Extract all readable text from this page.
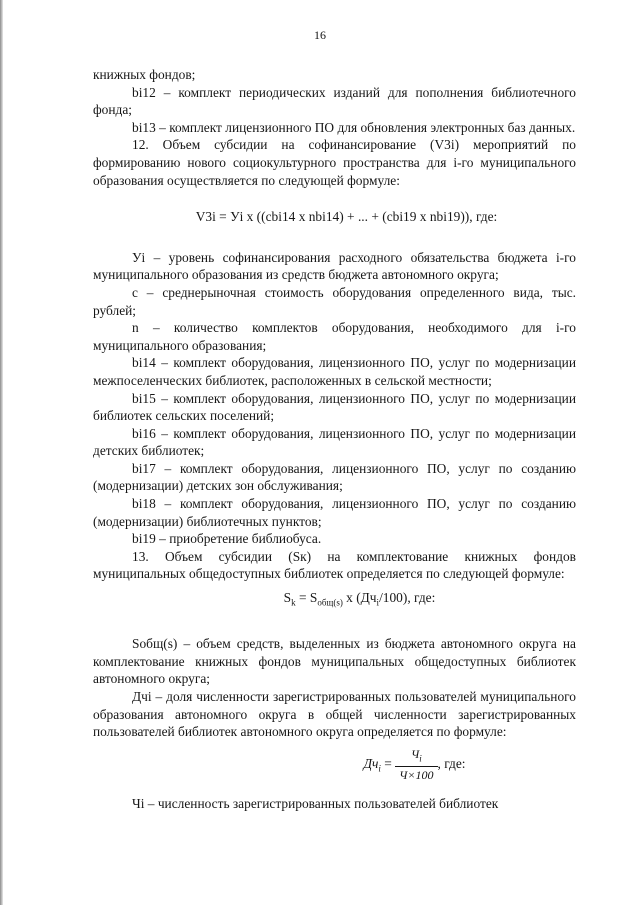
16

книжных фондов;

bi12 – комплект периодических изданий для пополнения библиотечного фонда;

bi13 – комплект лицензионного ПО для обновления электронных баз данных.

12. Объем субсидии на софинансирование (V3i) мероприятий по формированию нового социокультурного пространства для i-го муниципального образования осуществляется по следующей формуле:

V3i = Уi x ((cbi14 x nbi14) + ... + (cbi19 x nbi19)), где:

Уi – уровень софинансирования расходного обязательства бюджета i-го муниципального образования из средств бюджета автономного округа;

c – среднерыночная стоимость оборудования определенного вида, тыс. рублей;

n – количество комплектов оборудования, необходимого для i-го муниципального образования;

bi14 – комплект оборудования, лицензионного ПО, услуг по модернизации межпоселенческих библиотек, расположенных в сельской местности;

bi15 – комплект оборудования, лицензионного ПО, услуг по модернизации библиотек сельских поселений;

bi16 – комплект оборудования, лицензионного ПО, услуг по модернизации детских библиотек;

bi17 – комплект оборудования, лицензионного ПО, услуг по созданию (модернизации) детских зон обслуживания;

bi18 – комплект оборудования, лицензионного ПО, услуг по созданию (модернизации) библиотечных пунктов;

bi19 – приобретение библиобуса.

13. Объем субсидии (Sк) на комплектование книжных фондов муниципальных общедоступных библиотек определяется по следующей формуле:

$S_k = S_{общ(s)}$ x $(Дч_i/100)$, где:

Sобщ(s) – объем средств, выделенных из бюджета автономного округа на комплектование книжных фондов муниципальных общедоступных библиотек автономного округа;

Дчi – доля численности зарегистрированных пользователей муниципального образования автономного округа в общей численности зарегистрированных пользователей библиотек автономного округа определяется по формуле:

$Дч_i = \frac{Ч_i}{Ч\times 100}$ , где:

Чi – численность зарегистрированных пользователей библиотек
